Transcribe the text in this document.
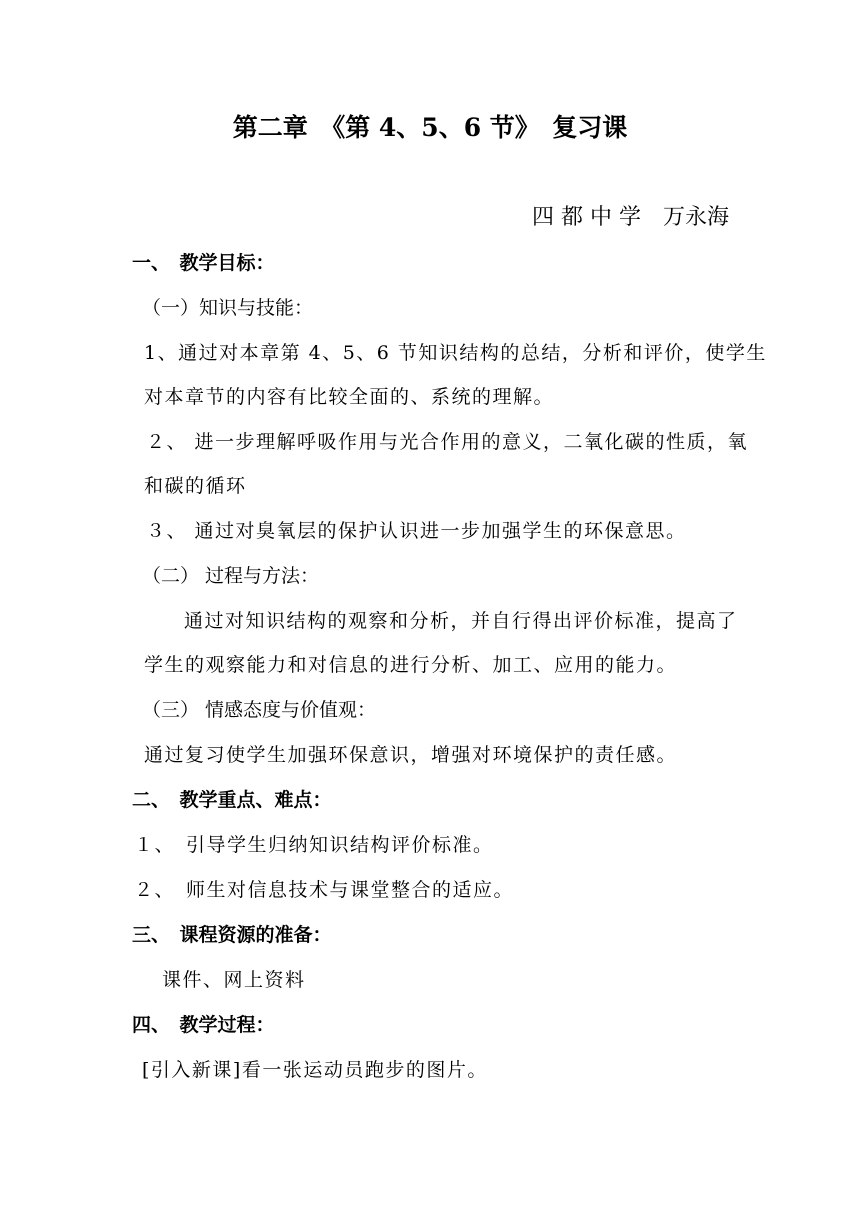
第二章　《第 4、5、6 节》　复习课
四 都 中 学　万永海
一、　教学目标：
（一）知识与技能：
1、通过对本章第 4、5、6 节知识结构的总结，分析和评价，使学生
对本章节的内容有比较全面的、系统的理解。
２、 进一步理解呼吸作用与光合作用的意义，二氧化碳的性质，氧
和碳的循环
３、 通过对臭氧层的保护认识进一步加强学生的环保意思。
（二） 过程与方法：
通过对知识结构的观察和分析，并自行得出评价标准，提高了
学生的观察能力和对信息的进行分析、加工、应用的能力。
（三） 情感态度与价值观：
通过复习使学生加强环保意识，增强对环境保护的责任感。
二、　教学重点、难点：
１、　引导学生归纳知识结构评价标准。
２、　师生对信息技术与课堂整合的适应。
三、　课程资源的准备：
课件、网上资料
四、　教学过程：
[引入新课]看一张运动员跑步的图片。
